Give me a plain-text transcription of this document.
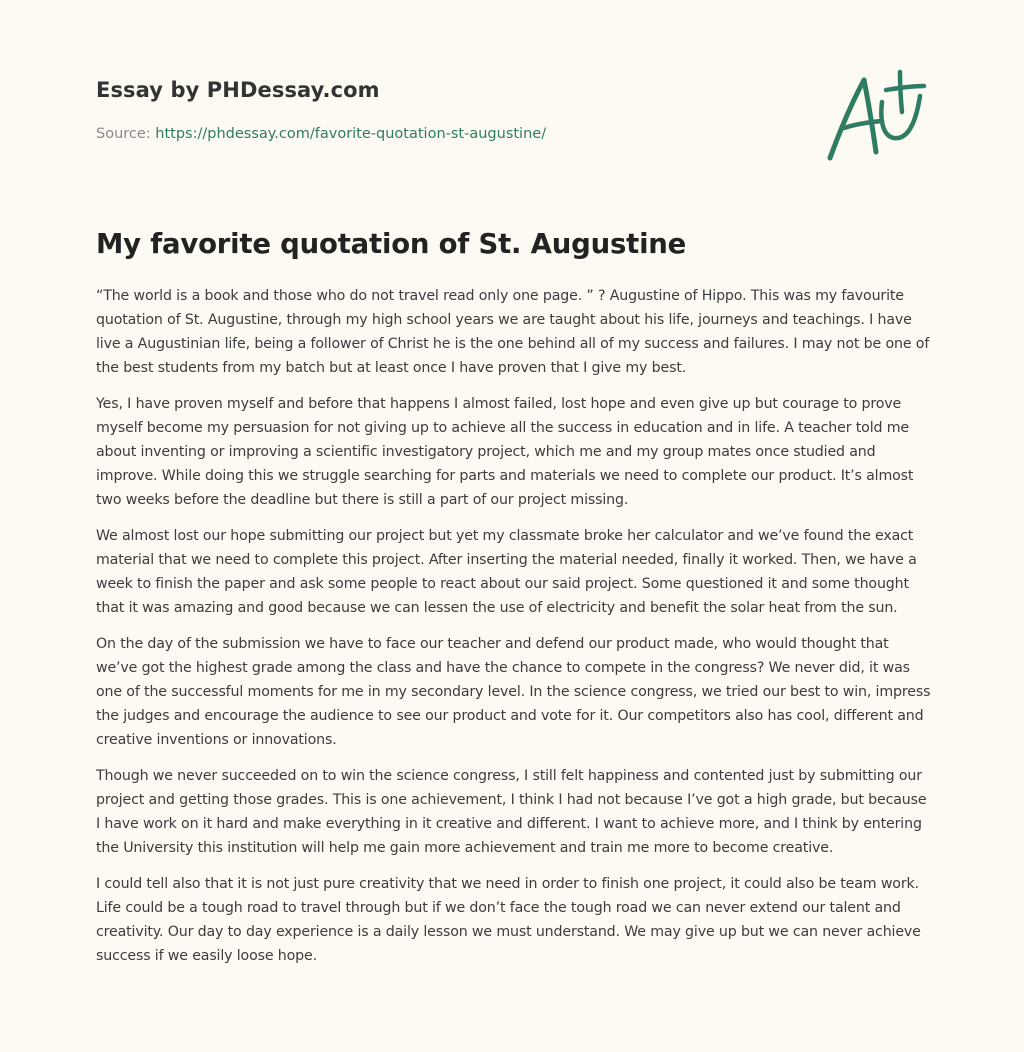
Essay by PHDessay.com
Source: https://phdessay.com/favorite-quotation-st-augustine/
My favorite quotation of St. Augustine

“The world is a book and those who do not travel read only one page. ” ? Augustine of Hippo. This was my favourite quotation of St. Augustine, through my high school years we are taught about his life, journeys and teachings. I have live a Augustinian life, being a follower of Christ he is the one behind all of my success and failures. I may not be one of the best students from my batch but at least once I have proven that I give my best.

Yes, I have proven myself and before that happens I almost failed, lost hope and even give up but courage to prove myself become my persuasion for not giving up to achieve all the success in education and in life. A teacher told me about inventing or improving a scientific investigatory project, which me and my group mates once studied and improve. While doing this we struggle searching for parts and materials we need to complete our product. It’s almost two weeks before the deadline but there is still a part of our project missing.

We almost lost our hope submitting our project but yet my classmate broke her calculator and we’ve found the exact material that we need to complete this project. After inserting the material needed, finally it worked. Then, we have a week to finish the paper and ask some people to react about our said project. Some questioned it and some thought that it was amazing and good because we can lessen the use of electricity and benefit the solar heat from the sun.

On the day of the submission we have to face our teacher and defend our product made, who would thought that we’ve got the highest grade among the class and have the chance to compete in the congress? We never did, it was one of the successful moments for me in my secondary level. In the science congress, we tried our best to win, impress the judges and encourage the audience to see our product and vote for it. Our competitors also has cool, different and creative inventions or innovations.

Though we never succeeded on to win the science congress, I still felt happiness and contented just by submitting our project and getting those grades. This is one achievement, I think I had not because I’ve got a high grade, but because I have work on it hard and make everything in it creative and different. I want to achieve more, and I think by entering the University this institution will help me gain more achievement and train me more to become creative.

I could tell also that it is not just pure creativity that we need in order to finish one project, it could also be team work. Life could be a tough road to travel through but if we don’t face the tough road we can never extend our talent and creativity. Our day to day experience is a daily lesson we must understand. We may give up but we can never achieve success if we easily loose hope.
